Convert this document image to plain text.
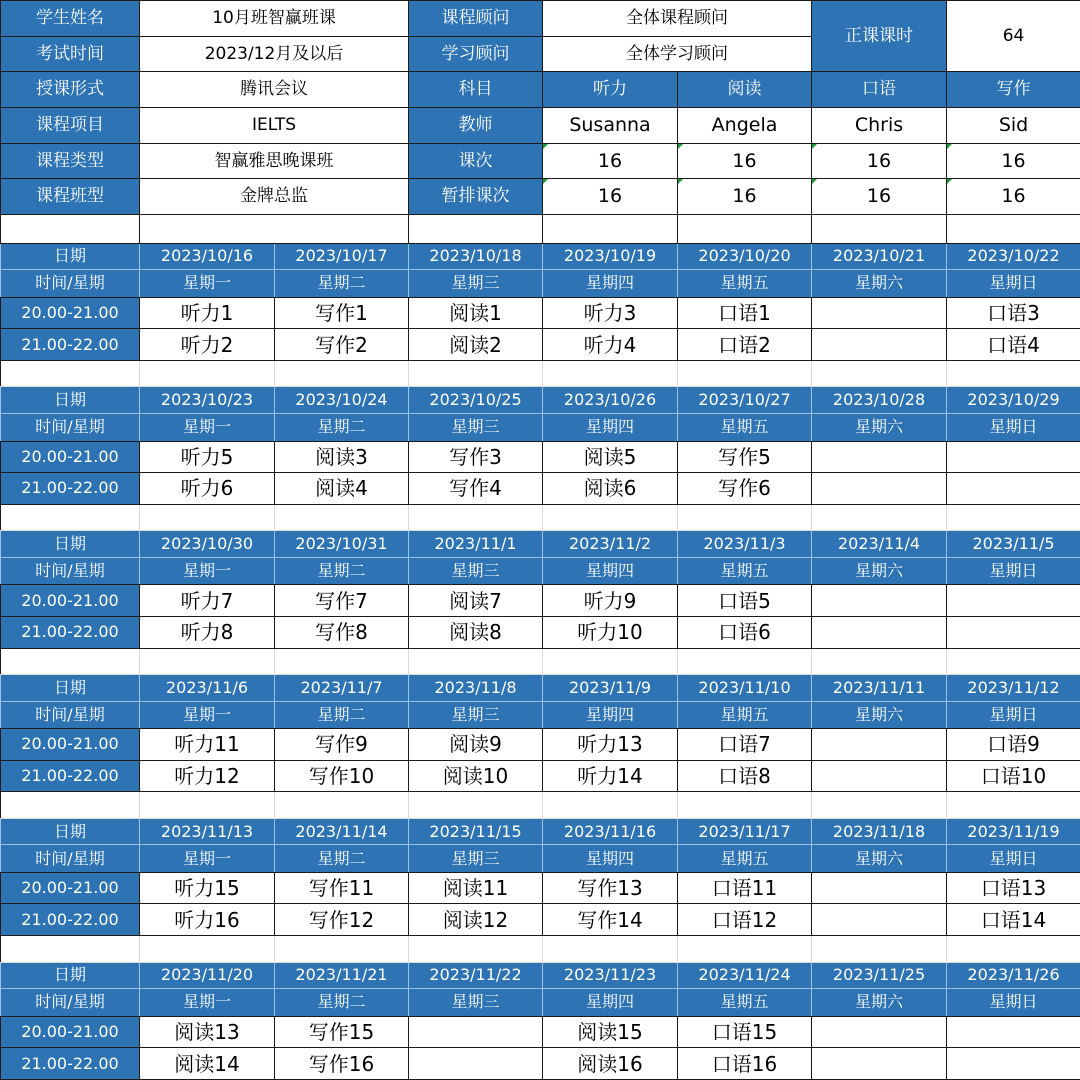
学生姓名	10月班智赢班课		课程顾问	全体课程顾问		正课课时	64
考试时间	2023/12月及以后		学习顾问	全体学习顾问			
授课形式	腾讯会议		科目	听力	阅读	口语	写作
课程项目	IELTS		教师	Susanna	Angela	Chris	Sid
课程类型	智赢雅思晚课班		课次	16	16	16	16
课程班型	金牌总监		暂排课次	16	16	16	16

日期	2023/10/16	2023/10/17	2023/10/18	2023/10/19	2023/10/20	2023/10/21	2023/10/22
时间/星期	星期一	星期二	星期三	星期四	星期五	星期六	星期日
20.00-21.00	听力1	写作1	阅读1	听力3	口语1		口语3
21.00-22.00	听力2	写作2	阅读2	听力4	口语2		口语4

日期	2023/10/23	2023/10/24	2023/10/25	2023/10/26	2023/10/27	2023/10/28	2023/10/29
时间/星期	星期一	星期二	星期三	星期四	星期五	星期六	星期日
20.00-21.00	听力5	阅读3	写作3	阅读5	写作5		
21.00-22.00	听力6	阅读4	写作4	阅读6	写作6		

日期	2023/10/30	2023/10/31	2023/11/1	2023/11/2	2023/11/3	2023/11/4	2023/11/5
时间/星期	星期一	星期二	星期三	星期四	星期五	星期六	星期日
20.00-21.00	听力7	写作7	阅读7	听力9	口语5		
21.00-22.00	听力8	写作8	阅读8	听力10	口语6		

日期	2023/11/6	2023/11/7	2023/11/8	2023/11/9	2023/11/10	2023/11/11	2023/11/12
时间/星期	星期一	星期二	星期三	星期四	星期五	星期六	星期日
20.00-21.00	听力11	写作9	阅读9	听力13	口语7		口语9
21.00-22.00	听力12	写作10	阅读10	听力14	口语8		口语10

日期	2023/11/13	2023/11/14	2023/11/15	2023/11/16	2023/11/17	2023/11/18	2023/11/19
时间/星期	星期一	星期二	星期三	星期四	星期五	星期六	星期日
20.00-21.00	听力15	写作11	阅读11	写作13	口语11		口语13
21.00-22.00	听力16	写作12	阅读12	写作14	口语12		口语14

日期	2023/11/20	2023/11/21	2023/11/22	2023/11/23	2023/11/24	2023/11/25	2023/11/26
时间/星期	星期一	星期二	星期三	星期四	星期五	星期六	星期日
20.00-21.00	阅读13	写作15		阅读15	口语15		
21.00-22.00	阅读14	写作16		阅读16	口语16		
